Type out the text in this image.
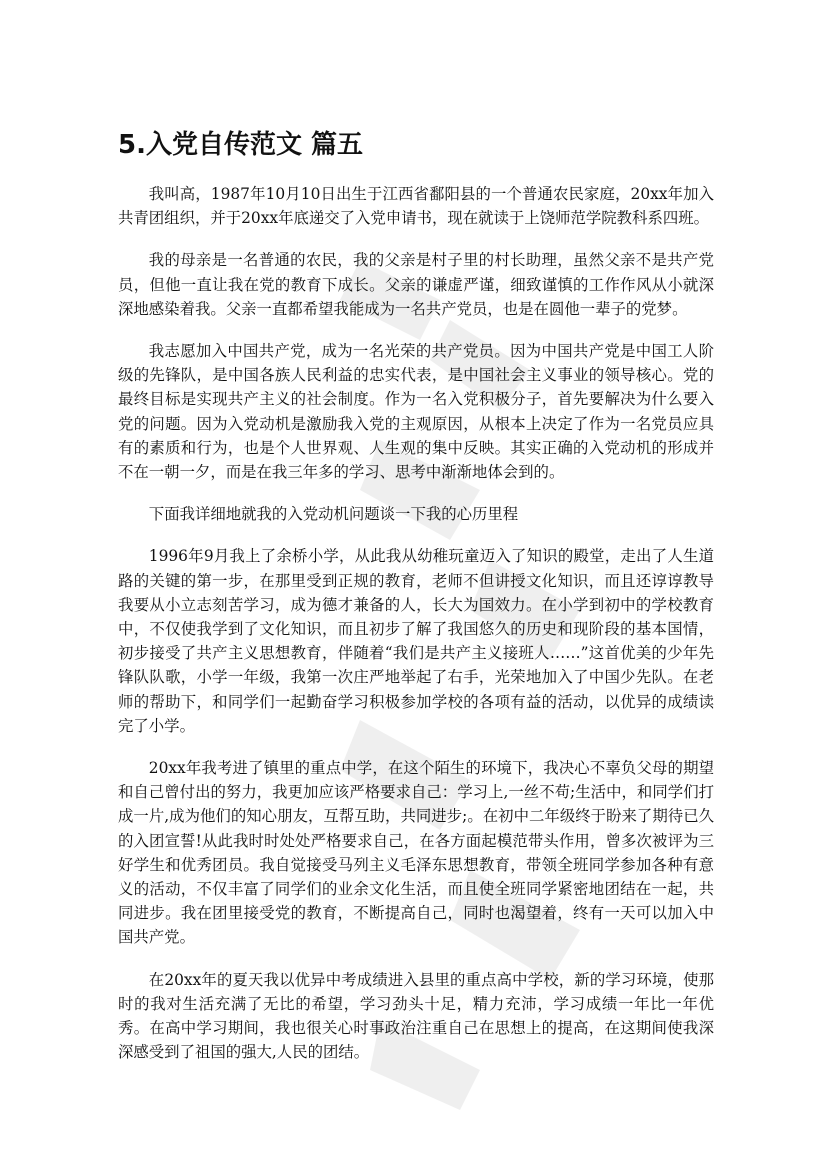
5.入党自传范文 篇五

我叫高，1987年10月10日出生于江西省鄱阳县的一个普通农民家庭，20xx年加入共青团组织，并于20xx年底递交了入党申请书，现在就读于上饶师范学院教科系四班。

我的母亲是一名普通的农民，我的父亲是村子里的村长助理，虽然父亲不是共产党员，但他一直让我在党的教育下成长。父亲的谦虚严谨，细致谨慎的工作作风从小就深深地感染着我。父亲一直都希望我能成为一名共产党员，也是在圆他一辈子的党梦。

我志愿加入中国共产党，成为一名光荣的共产党员。因为中国共产党是中国工人阶级的先锋队，是中国各族人民利益的忠实代表，是中国社会主义事业的领导核心。党的最终目标是实现共产主义的社会制度。作为一名入党积极分子，首先要解决为什么要入党的问题。因为入党动机是激励我入党的主观原因，从根本上决定了作为一名党员应具有的素质和行为，也是个人世界观、人生观的集中反映。其实正确的入党动机的形成并不在一朝一夕，而是在我三年多的学习、思考中渐渐地体会到的。

下面我详细地就我的入党动机问题谈一下我的心历里程

1996年9月我上了余桥小学，从此我从幼稚玩童迈入了知识的殿堂，走出了人生道路的关键的第一步，在那里受到正规的教育，老师不但讲授文化知识，而且还谆谆教导我要从小立志刻苦学习，成为德才兼备的人，长大为国效力。在小学到初中的学校教育中，不仅使我学到了文化知识，而且初步了解了我国悠久的历史和现阶段的基本国情，初步接受了共产主义思想教育，伴随着“我们是共产主义接班人……”这首优美的少年先锋队队歌，小学一年级，我第一次庄严地举起了右手，光荣地加入了中国少先队。在老师的帮助下，和同学们一起勤奋学习积极参加学校的各项有益的活动，以优异的成绩读完了小学。

20xx年我考进了镇里的重点中学，在这个陌生的环境下，我决心不辜负父母的期望和自己曾付出的努力，我更加应该严格要求自己：学习上,一丝不苟;生活中，和同学们打成一片,成为他们的知心朋友，互帮互助，共同进步;。在初中二年级终于盼来了期待已久的入团宣誓!从此我时时处处严格要求自己，在各方面起模范带头作用，曾多次被评为三好学生和优秀团员。我自觉接受马列主义毛泽东思想教育，带领全班同学参加各种有意义的活动，不仅丰富了同学们的业余文化生活，而且使全班同学紧密地团结在一起，共同进步。我在团里接受党的教育，不断提高自己，同时也渴望着，终有一天可以加入中国共产党。

在20xx年的夏天我以优异中考成绩进入县里的重点高中学校，新的学习环境，使那时的我对生活充满了无比的希望，学习劲头十足，精力充沛，学习成绩一年比一年优秀。在高中学习期间，我也很关心时事政治注重自己在思想上的提高，在这期间使我深深感受到了祖国的强大,人民的团结。
